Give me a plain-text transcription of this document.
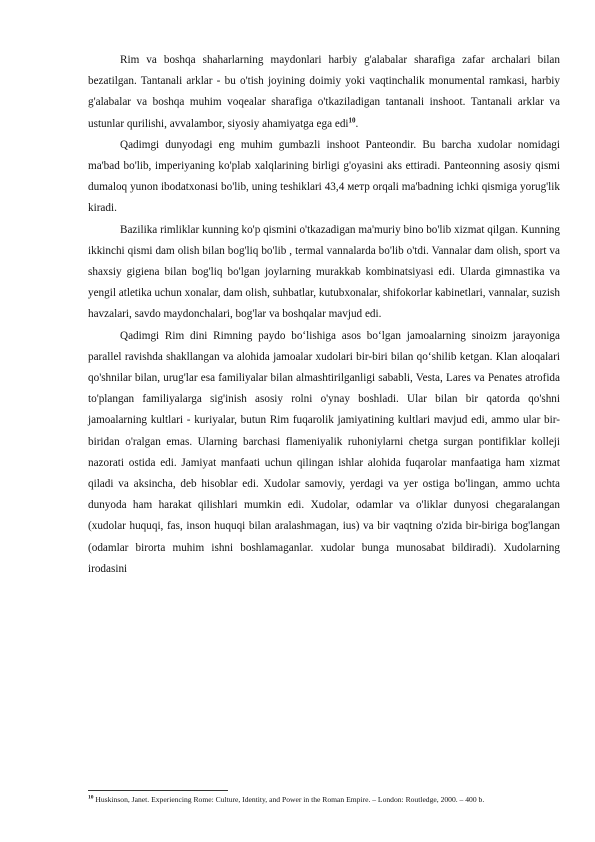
Rim va boshqa shaharlarning maydonlari harbiy g'alabalar sharafiga zafar archalari bilan bezatilgan. Tantanali arklar - bu o'tish joyining doimiy yoki vaqtinchalik monumental ramkasi, harbiy g'alabalar va boshqa muhim voqealar sharafiga o'tkaziladigan tantanali inshoot. Tantanali arklar va ustunlar qurilishi, avvalambor, siyosiy ahamiyatga ega edi$^{10}$.

Qadimgi dunyodagi eng muhim gumbazli inshoot Panteondir. Bu barcha xudolar nomidagi ma'bad bo'lib, imperiyaning ko'plab xalqlarining birligi g'oyasini aks ettiradi. Panteonning asosiy qismi dumaloq yunon ibodatxonasi bo'lib, uning teshiklari 43,4 метр orqali ma'badning ichki qismiga yorug'lik kiradi.

Bazilika rimliklar kunning ko'p qismini o'tkazadigan ma'muriy bino bo'lib xizmat qilgan. Kunning ikkinchi qismi dam olish bilan bog'liq bo'lib , termal vannalarda bo'lib o'tdi. Vannalar dam olish, sport va shaxsiy gigiena bilan bog'liq bo'lgan joylarning murakkab kombinatsiyasi edi. Ularda gimnastika va yengil atletika uchun xonalar, dam olish, suhbatlar, kutubxonalar, shifokorlar kabinetlari, vannalar, suzish havzalari, savdo maydonchalari, bog'lar va boshqalar mavjud edi.

Qadimgi Rim dini Rimning paydo bo‘lishiga asos bo‘lgan jamoalarning sinoizm jarayoniga parallel ravishda shakllangan va alohida jamoalar xudolari bir-biri bilan qo‘shilib ketgan. Klan aloqalari qo'shnilar bilan, urug'lar esa familiyalar bilan almashtirilganligi sababli, Vesta, Lares va Penates atrofida to'plangan familiyalarga sig'inish asosiy rolni o'ynay boshladi. Ular bilan bir qatorda qo'shni jamoalarning kultlari - kuriyalar, butun Rim fuqarolik jamiyatining kultlari mavjud edi, ammo ular bir-biridan o'ralgan emas. Ularning barchasi flameniyalik ruhoniylarni chetga surgan pontifiklar kolleji nazorati ostida edi. Jamiyat manfaati uchun qilingan ishlar alohida fuqarolar manfaatiga ham xizmat qiladi va aksincha, deb hisoblar edi. Xudolar samoviy, yerdagi va yer ostiga bo'lingan, ammo uchta dunyoda ham harakat qilishlari mumkin edi. Xudolar, odamlar va o'liklar dunyosi chegaralangan (xudolar huquqi, fas, inson huquqi bilan aralashmagan, ius) va bir vaqtning o'zida bir-biriga bog'langan (odamlar birorta muhim ishni boshlamaganlar. xudolar bunga munosabat bildiradi). Xudolarning irodasini

$^{10}$ Huskinson, Janet. Experiencing Rome: Culture, Identity, and Power in the Roman Empire. – London: Routledge, 2000. – 400 b.
